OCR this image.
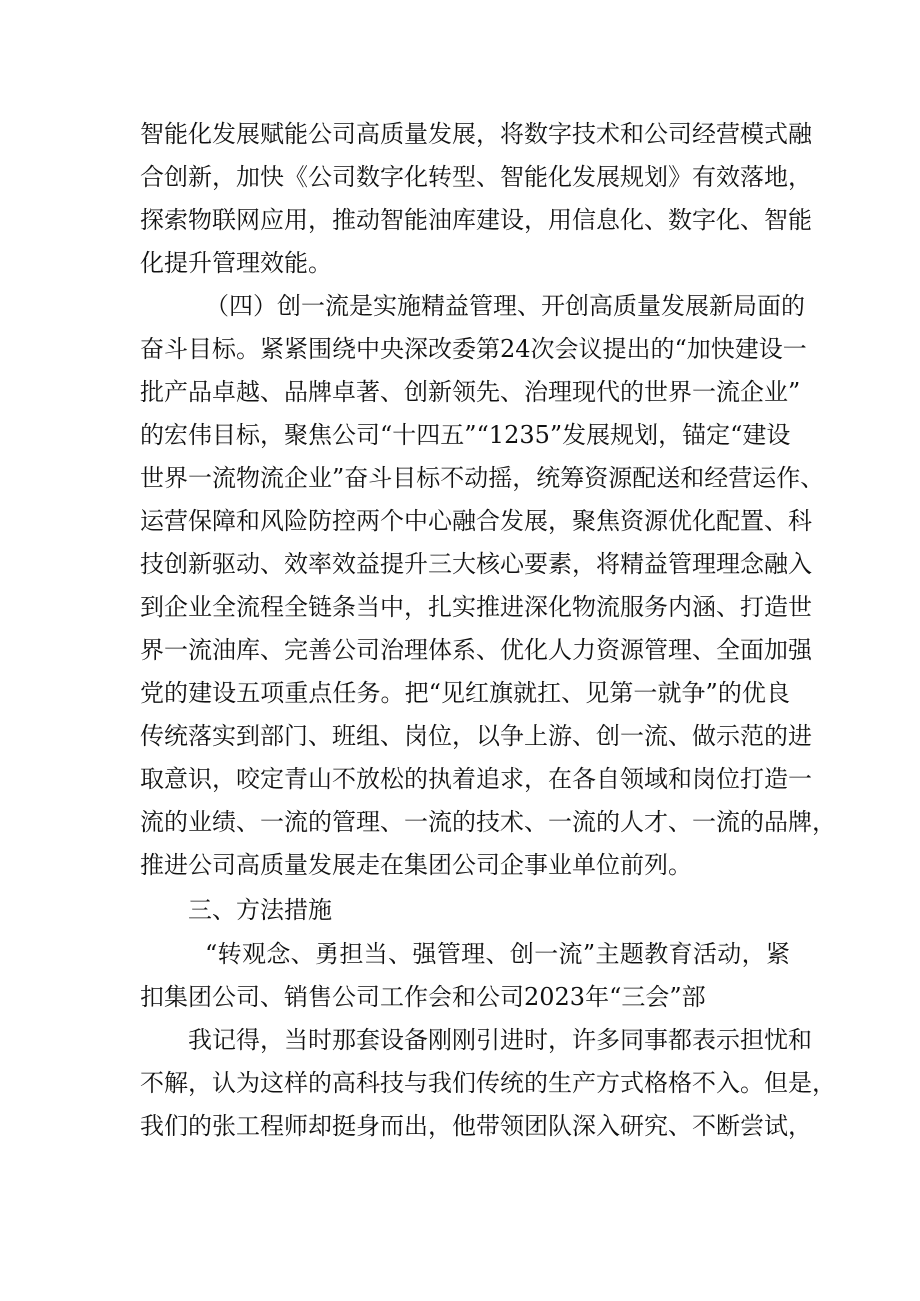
智能化发展赋能公司高质量发展，将数字技术和公司经营模式融
合创新，加快《公司数字化转型、智能化发展规划》有效落地，
探索物联网应用，推动智能油库建设，用信息化、数字化、智能
化提升管理效能。
（四）创一流是实施精益管理、开创高质量发展新局面的
奋斗目标。紧紧围绕中央深改委第24次会议提出的“加快建设一
批产品卓越、品牌卓著、创新领先、治理现代的世界一流企业”
的宏伟目标，聚焦公司“十四五”“1235”发展规划，锚定“建设
世界一流物流企业”奋斗目标不动摇，统筹资源配送和经营运作、
运营保障和风险防控两个中心融合发展，聚焦资源优化配置、科
技创新驱动、效率效益提升三大核心要素，将精益管理理念融入
到企业全流程全链条当中，扎实推进深化物流服务内涵、打造世
界一流油库、完善公司治理体系、优化人力资源管理、全面加强
党的建设五项重点任务。把“见红旗就扛、见第一就争”的优良
传统落实到部门、班组、岗位，以争上游、创一流、做示范的进
取意识，咬定青山不放松的执着追求，在各自领域和岗位打造一
流的业绩、一流的管理、一流的技术、一流的人才、一流的品牌，
推进公司高质量发展走在集团公司企事业单位前列。
三、方法措施
“转观念、勇担当、强管理、创一流”主题教育活动，紧
扣集团公司、销售公司工作会和公司2023年“三会”部
我记得，当时那套设备刚刚引进时，许多同事都表示担忧和
不解，认为这样的高科技与我们传统的生产方式格格不入。但是，
我们的张工程师却挺身而出，他带领团队深入研究、不断尝试，
